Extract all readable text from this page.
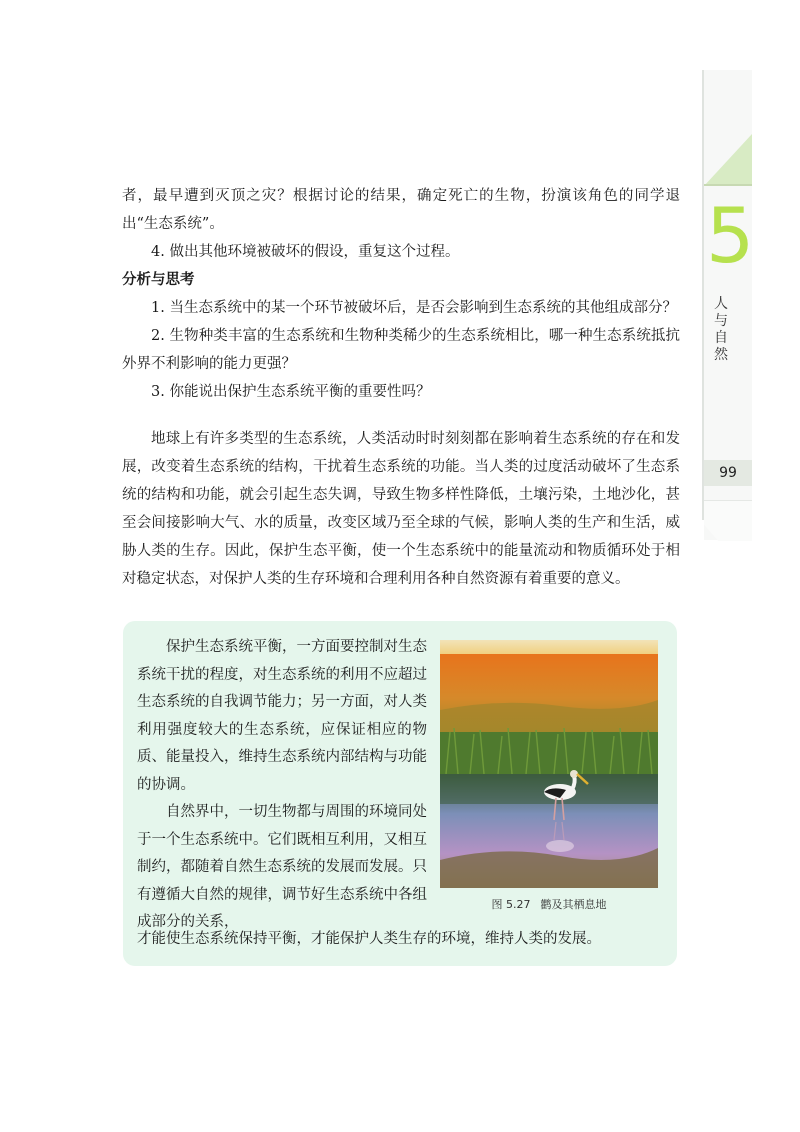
者，最早遭到灭顶之灾？根据讨论的结果，确定死亡的生物，扮演该角色的同学退出“生态系统”。

4. 做出其他环境被破坏的假设，重复这个过程。

分析与思考

1. 当生态系统中的某一个环节被破坏后，是否会影响到生态系统的其他组成部分？

2. 生物种类丰富的生态系统和生物种类稀少的生态系统相比，哪一种生态系统抵抗外界不利影响的能力更强？

3. 你能说出保护生态系统平衡的重要性吗？

地球上有许多类型的生态系统，人类活动时时刻刻都在影响着生态系统的存在和发展，改变着生态系统的结构，干扰着生态系统的功能。当人类的过度活动破坏了生态系统的结构和功能，就会引起生态失调，导致生物多样性降低，土壤污染，土地沙化，甚至会间接影响大气、水的质量，改变区域乃至全球的气候，影响人类的生产和生活，威胁人类的生存。因此，保护生态平衡，使一个生态系统中的能量流动和物质循环处于相对稳定状态，对保护人类的生存环境和合理利用各种自然资源有着重要的意义。

5
人与自然
99

保护生态系统平衡，一方面要控制对生态系统干扰的程度，对生态系统的利用不应超过生态系统的自我调节能力；另一方面，对人类利用强度较大的生态系统，应保证相应的物质、能量投入，维持生态系统内部结构与功能的协调。

自然界中，一切生物都与周围的环境同处于一个生态系统中。它们既相互利用，又相互制约，都随着自然生态系统的发展而发展。只有遵循大自然的规律，调节好生态系统中各组成部分的关系，

才能使生态系统保持平衡，才能保护人类生存的环境，维持人类的发展。

图 5.27 鹳及其栖息地
